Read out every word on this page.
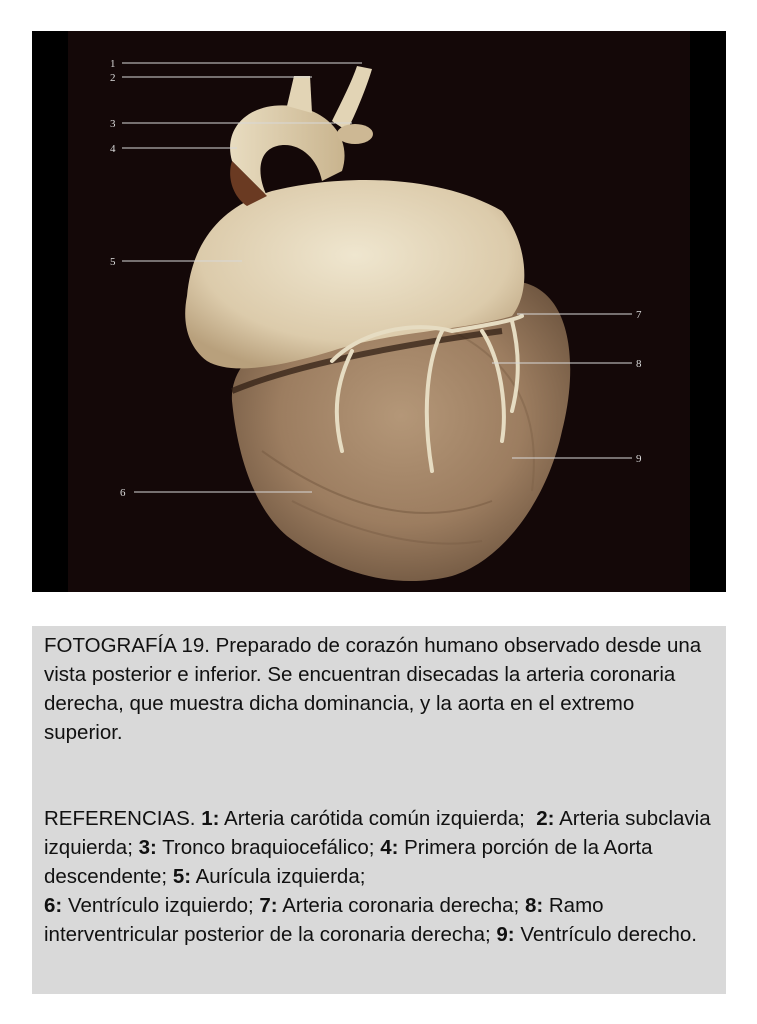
1
2
3
4
5
6
7
8
9
FOTOGRAFÍA 19. Preparado de corazón humano observado desde una vista posterior e inferior. Se encuentran disecadas la arteria coronaria derecha, que muestra dicha dominancia, y la aorta en el extremo superior.
REFERENCIAS. 1: Arteria carótida común izquierda; 2: Arteria subclavia izquierda; 3: Tronco braquiocefálico; 4: Primera porción de la Aorta descendente; 5: Aurícula izquierda;
6: Ventrículo izquierdo; 7: Arteria coronaria derecha; 8: Ramo interventricular posterior de la coronaria derecha; 9: Ventrículo derecho.
